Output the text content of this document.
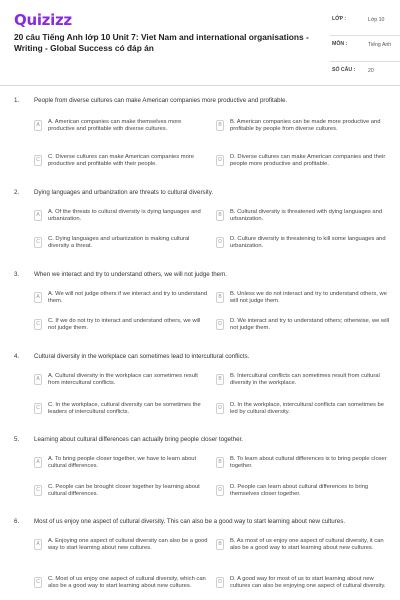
Quizizz
20 câu Tiếng Anh lớp 10 Unit 7: Viet Nam and international organisations - Writing - Global Success có đáp án
LỚP :	Lớp 10
MÔN :	Tiếng Anh
SỐ CÂU : 20
1. People from diverse cultures can make American companies more productive and profitable.
A	A. American companies can make themselves more productive and profitable with diverse cultures.
B	B. American companies can be made more productive and profitable by people from diverse cultures.
C	C. Diverse cultures can make American companies more productive and profitable with their people.
D	D. Diverse cultures can make American companies and their people more productive and profitable.
2. Dying languages and urbanization are threats to cultural diversity.
A	A. Of the threats to cultural diversity is dying languages and urbanization.
B	B. Cultural diversity is threatened with dying languages and urbanization.
C	C. Dying languages and urbanization is making cultural diversity a threat.
D	D. Culture diversity is threatening to kill some languages and urbanization.
3. When we interact and try to understand others, we will not judge them.
A	A. We will not judge others if we interact and try to understand them.
B	B. Unless we do not interact and try to understand others, we will not judge them.
C	C. If we do not try to interact and understand others, we will not judge them.
D	D. We interact and try to understand others; otherwise, we will not judge them.
4. Cultural diversity in the workplace can sometimes lead to intercultural conflicts.
A	A. Cultural diversity in the workplace can sometimes result from intercultural conflicts.
B	B. Intercultural conflicts can sometimes result from cultural diversity in the workplace.
C	C. In the workplace, cultural diversity can be sometimes the leaders of intercultural conflicts.
D	D. In the workplace, intercultural conflicts can sometimes be led by cultural diversity.
5. Learning about cultural differences can actually bring people closer together.
A	A. To bring people closer together, we have to learn about cultural differences.
B	B. To learn about cultural differences is to bring people closer together.
C	C. People can be brought closer together by learning about cultural differences.
D	D. People can learn about cultural differences to bring themselves closer together.
6. Most of us enjoy one aspect of cultural diversity. This can also be a good way to start learning about new cultures.
A	A. Enjoying one aspect of cultural diversity can also be a good way to start learning about new cultures.
B	B. As most of us enjoy one aspect of cultural diversity, it can also be a good way to start learning about new cultures.
C	C. Most of us enjoy one aspect of cultural diversity, which can also be a good way to start learning about new cultures.
D	D. A good way for most of us to start learning about new cultures can also be enjoying one aspect of cultural diversity.
